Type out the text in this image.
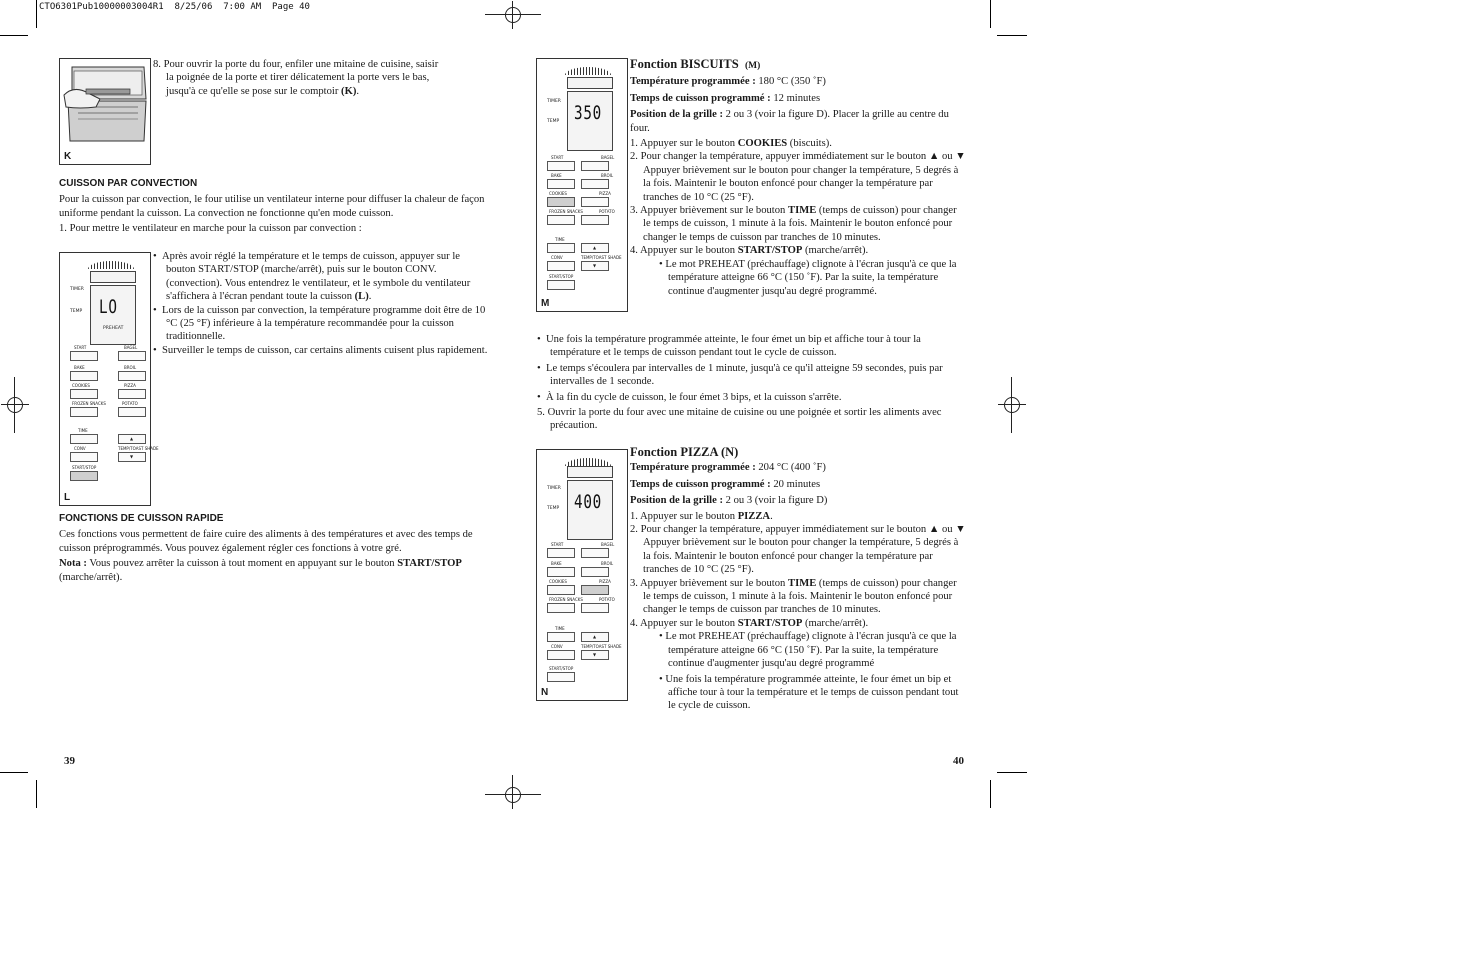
CTO6301Pub10000003004R1  8/25/06  7:00 AM  Page 40
K

8. Pour ouvrir la porte du four, enfiler une mitaine de cuisine, saisir

la poignée de la porte et tirer délicatement la porte vers le bas,

jusqu'à ce qu'elle se pose sur le comptoir (K).

CUISSON PAR CONVECTION

Pour la cuisson par convection, le four utilise un ventilateur interne pour diffuser la chaleur de façon uniforme pendant la cuisson. La convection ne fonctionne qu'en mode cuisson.

1. Pour mettre le ventilateur en marche pour la cuisson par convection :

LO
PREHEAT
TIMER
TEMP
START	BAGEL
BAKE	BROIL
COOKIES	PIZZA
FROZEN SNACKS	POTATO
TIME
▲
CONV	TEMP/TOAST SHADE
▼
START/STOP
L

•  Après avoir réglé la température et le temps de cuisson, appuyer sur le bouton START/STOP (marche/arrêt), puis sur le bouton CONV. (convection). Vous entendrez le ventilateur, et le symbole du ventilateur s'affichera à l'écran pendant toute la cuisson (L).

•  Lors de la cuisson par convection, la température programme doit être de 10 °C (25 °F) inférieure à la température recommandée pour la cuisson traditionnelle.

•  Surveiller le temps de cuisson, car certains aliments cuisent plus rapidement.

FONCTIONS DE CUISSON RAPIDE

Ces fonctions vous permettent de faire cuire des aliments à des températures et avec des temps de cuisson préprogrammés. Vous pouvez également régler ces fonctions à votre gré.

Nota : Vous pouvez arrêter la cuisson à tout moment en appuyant sur le bouton START/STOP (marche/arrêt).

39
350
TIMER
TEMP
START	BAGEL
BAKE	BROIL
COOKIES	PIZZA
FROZEN SNACKS	POTATO
TIME
▲
CONV	TEMP/TOAST SHADE
▼
START/STOP
M

Fonction BISCUITS (M)

Température programmée : 180 °C (350 ˚F)

Temps de cuisson programmé : 12 minutes

Position de la grille : 2 ou 3 (voir la figure D). Placer la grille au centre du four.

1. Appuyer sur le bouton COOKIES (biscuits).

2. Pour changer la température, appuyer immédiatement sur le bouton ▲ ou ▼ Appuyer brièvement sur le bouton pour changer la température, 5 degrés à la fois. Maintenir le bouton enfoncé pour changer la température par tranches de 10 °C (25 °F).

3. Appuyer brièvement sur le bouton TIME (temps de cuisson) pour changer le temps de cuisson, 1 minute à la fois. Maintenir le bouton enfoncé pour changer le temps de cuisson par tranches de 10 minutes.

4. Appuyer sur le bouton START/STOP (marche/arrêt).

• Le mot PREHEAT (préchauffage) clignote à l'écran jusqu'à ce que la température atteigne 66 °C (150 ˚F). Par la suite, la température continue d'augmenter jusqu'au degré programmé.

•  Une fois la température programmée atteinte, le four émet un bip et affiche tour à tour la température et le temps de cuisson pendant tout le cycle de cuisson.

•  Le temps s'écoulera par intervalles de 1 minute, jusqu'à ce qu'il atteigne 59 secondes, puis par intervalles de 1 seconde.

•  À la fin du cycle de cuisson, le four émet 3 bips, et la cuisson s'arrête.

5. Ouvrir la porte du four avec une mitaine de cuisine ou une poignée et sortir les aliments avec précaution.

400
TIMER
TEMP
START	BAGEL
BAKE	BROIL
COOKIES	PIZZA
FROZEN SNACKS	POTATO
TIME
▲
CONV	TEMP/TOAST SHADE
▼
START/STOP
N

Fonction PIZZA (N)

Température programmée : 204 °C (400 ˚F)

Temps de cuisson programmé : 20 minutes

Position de la grille : 2 ou 3 (voir la figure D)

1. Appuyer sur le bouton PIZZA.

2. Pour changer la température, appuyer immédiatement sur le bouton ▲ ou ▼ Appuyer brièvement sur le bouton pour changer la température, 5 degrés à la fois. Maintenir le bouton enfoncé pour changer la température par tranches de 10 °C (25 °F).

3. Appuyer brièvement sur le bouton TIME (temps de cuisson) pour changer le temps de cuisson, 1 minute à la fois. Maintenir le bouton enfoncé pour changer le temps de cuisson par tranches de 10 minutes.

4. Appuyer sur le bouton START/STOP (marche/arrêt).

• Le mot PREHEAT (préchauffage) clignote à l'écran jusqu'à ce que la température atteigne 66 °C (150 ˚F). Par la suite, la température continue d'augmenter jusqu'au degré programmé

• Une fois la température programmée atteinte, le four émet un bip et affiche tour à tour la température et le temps de cuisson pendant tout le cycle de cuisson.

40
